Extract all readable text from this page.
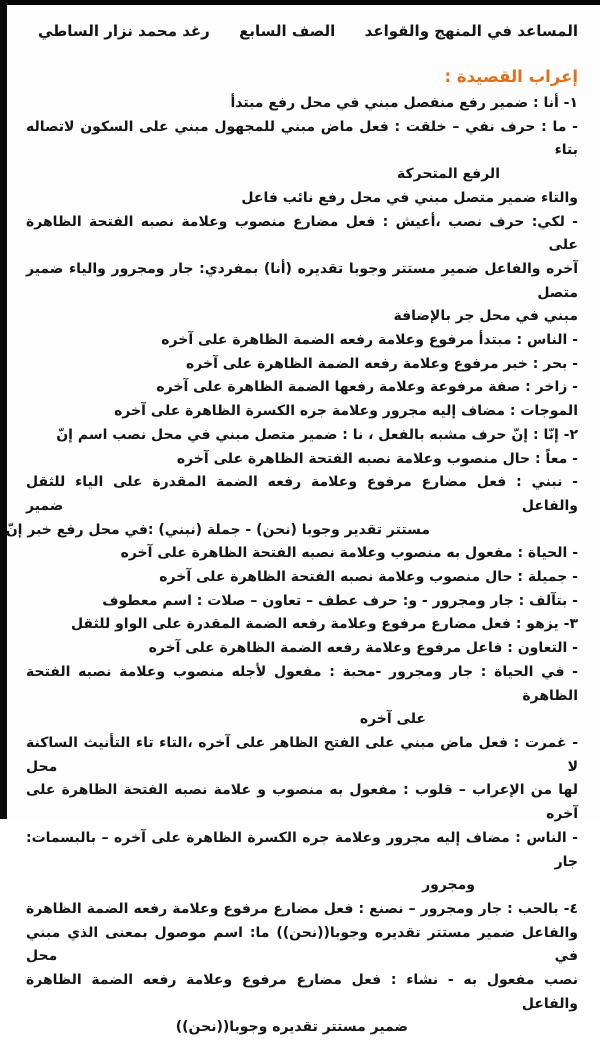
المساعد في المنهج والقواعد
الصف السابع
رغد محمد نزار الساطي
إعراب القصيدة :
١- أنا : ضمير رفع منفصل مبني في محل رفع مبتدأ
- ما : حرف نفي – خلقت : فعل ماض مبني للمجهول مبني على السكون لاتصاله بتاء
الرفع المتحركة
والتاء ضمير متصل مبني في محل رفع نائب فاعل
- لكي: حرف نصب ،أعيش : فعل مضارع منصوب وعلامة نصبه الفتحة الظاهرة على
آخره والفاعل ضمير مستتر وجوبا تقديره (أنا) بمفردي: جار ومجرور والياء ضمير متصل
مبني في محل جر بالإضافة
- الناس : مبتدأ مرفوع وعلامة رفعه الضمة الظاهرة على آخره
- بحر : خبر مرفوع وعلامة رفعه الضمة الظاهرة على آخره
- زاخر : صفة مرفوعة وعلامة رفعها الضمة الظاهرة على آخره
الموجات : مضاف إليه مجرور وعلامة جره الكسرة الظاهرة على آخره
٢- إنّا : إنّ حرف مشبه بالفعل ، نا : ضمير متصل مبني في محل نصب اسم إنّ
- معاً : حال منصوب وعلامة نصبه الفتحة الظاهرة على آخره
- نبني : فعل مضارع مرفوع وعلامة رفعه الضمة المقدرة على الياء للثقل والفاعل ضمير
مستتر تقدير وجوبا (نحن) - جملة (نبني) :في محل رفع خبر إنّ
- الحياة : مفعول به منصوب وعلامة نصبه الفتحة الظاهرة على آخره
- جميلة : حال منصوب وعلامة نصبه الفتحة الظاهرة على آخره
- بتآلف : جار ومجرور - و: حرف عطف – تعاون – صلات : اسم معطوف
٣- يزهو : فعل مضارع مرفوع وعلامة رفعه الضمة المقدرة على الواو للثقل
- التعاون : فاعل مرفوع وعلامة رفعه الضمة الظاهرة على آخره
- في الحياة : جار ومجرور -محبة : مفعول لأجله منصوب وعلامة نصبه الفتحة الظاهرة
على آخره
- غمرت : فعل ماض مبني على الفتح الظاهر على آخره ،التاء تاء التأنيث الساكنة لا محل
لها من الإعراب – قلوب : مفعول به منصوب و علامة نصبه الفتحة الظاهرة على آخره
- الناس : مضاف إليه مجرور وعلامة جره الكسرة الظاهرة على آخره – بالبسمات: جار
ومجرور
٤- بالحب : جار ومجرور – نصنع : فعل مضارع مرفوع وعلامة رفعه الضمة الظاهرة
والفاعل ضمير مستتر تقديره وجوبا((نحن)) ما: اسم موصول بمعنى الذي مبني في محل
نصب مفعول به - نشاء : فعل مضارع مرفوع وعلامة رفعه الضمة الظاهرة والفاعل
ضمير مستتر تقديره وجوبا((نحن))
